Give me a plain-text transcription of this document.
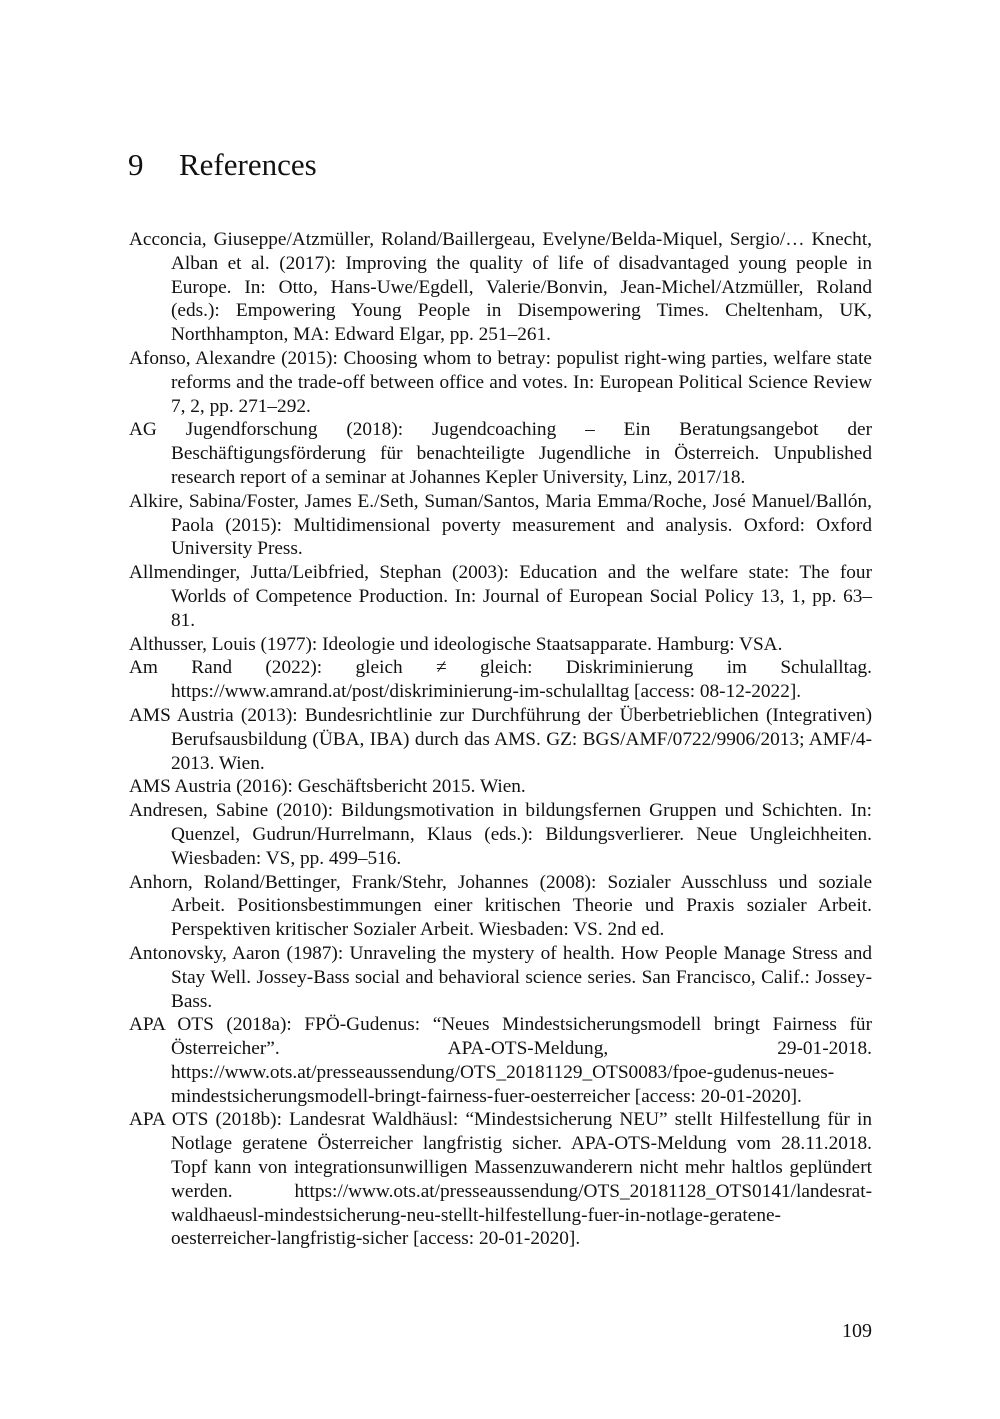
9 References
Acconcia, Giuseppe/Atzmüller, Roland/Baillergeau, Evelyne/Belda-Miquel, Sergio/… Knecht, Alban et al. (2017): Improving the quality of life of disadvantaged young people in Europe. In: Otto, Hans-Uwe/Egdell, Valerie/Bonvin, Jean-Michel/Atzmüller, Roland (eds.): Empowering Young People in Disempowering Times. Cheltenham, UK, Northhampton, MA: Edward Elgar, pp. 251–261.
Afonso, Alexandre (2015): Choosing whom to betray: populist right-wing parties, welfare state reforms and the trade-off between office and votes. In: European Political Science Review 7, 2, pp. 271–292.
AG Jugendforschung (2018): Jugendcoaching – Ein Beratungsangebot der Beschäftigungsförderung für benachteiligte Jugendliche in Österreich. Unpublished research report of a seminar at Johannes Kepler University, Linz, 2017/18.
Alkire, Sabina/Foster, James E./Seth, Suman/Santos, Maria Emma/Roche, José Manuel/Ballón, Paola (2015): Multidimensional poverty measurement and analysis. Oxford: Oxford University Press.
Allmendinger, Jutta/Leibfried, Stephan (2003): Education and the welfare state: The four Worlds of Competence Production. In: Journal of European Social Policy 13, 1, pp. 63–81.
Althusser, Louis (1977): Ideologie und ideologische Staatsapparate. Hamburg: VSA.
Am Rand (2022): gleich ≠ gleich: Diskriminierung im Schulalltag. https://www.amrand.at/post/diskriminierung-im-schulalltag [access: 08-12-2022].
AMS Austria (2013): Bundesrichtlinie zur Durchführung der Überbetrieblichen (Integrativen) Berufsausbildung (ÜBA, IBA) durch das AMS. GZ: BGS/AMF/0722/9906/2013; AMF/4-2013. Wien.
AMS Austria (2016): Geschäftsbericht 2015. Wien.
Andresen, Sabine (2010): Bildungsmotivation in bildungsfernen Gruppen und Schichten. In: Quenzel, Gudrun/Hurrelmann, Klaus (eds.): Bildungsverlierer. Neue Ungleichheiten. Wiesbaden: VS, pp. 499–516.
Anhorn, Roland/Bettinger, Frank/Stehr, Johannes (2008): Sozialer Ausschluss und soziale Arbeit. Positionsbestimmungen einer kritischen Theorie und Praxis sozialer Arbeit. Perspektiven kritischer Sozialer Arbeit. Wiesbaden: VS. 2nd ed.
Antonovsky, Aaron (1987): Unraveling the mystery of health. How People Manage Stress and Stay Well. Jossey-Bass social and behavioral science series. San Francisco, Calif.: Jossey-Bass.
APA OTS (2018a): FPÖ-Gudenus: “Neues Mindestsicherungsmodell bringt Fairness für Österreicher”. APA-OTS-Meldung, 29-01-2018. https://www.ots.at/presseaussendung/OTS_20181129_OTS0083/fpoe-gudenus-neues-mindestsicherungsmodell-bringt-fairness-fuer-oesterreicher [access: 20-01-2020].
APA OTS (2018b): Landesrat Waldhäusl: “Mindestsicherung NEU” stellt Hilfestellung für in Notlage geratene Österreicher langfristig sicher. APA-OTS-Meldung vom 28.11.2018. Topf kann von integrationsunwilligen Massenzuwanderern nicht mehr haltlos geplündert werden. https://www.ots.at/presseaussendung/OTS_20181128_OTS0141/landesrat-waldhaeusl-mindestsicherung-neu-stellt-hilfestellung-fuer-in-notlage-geratene-oesterreicher-langfristig-sicher [access: 20-01-2020].
109
